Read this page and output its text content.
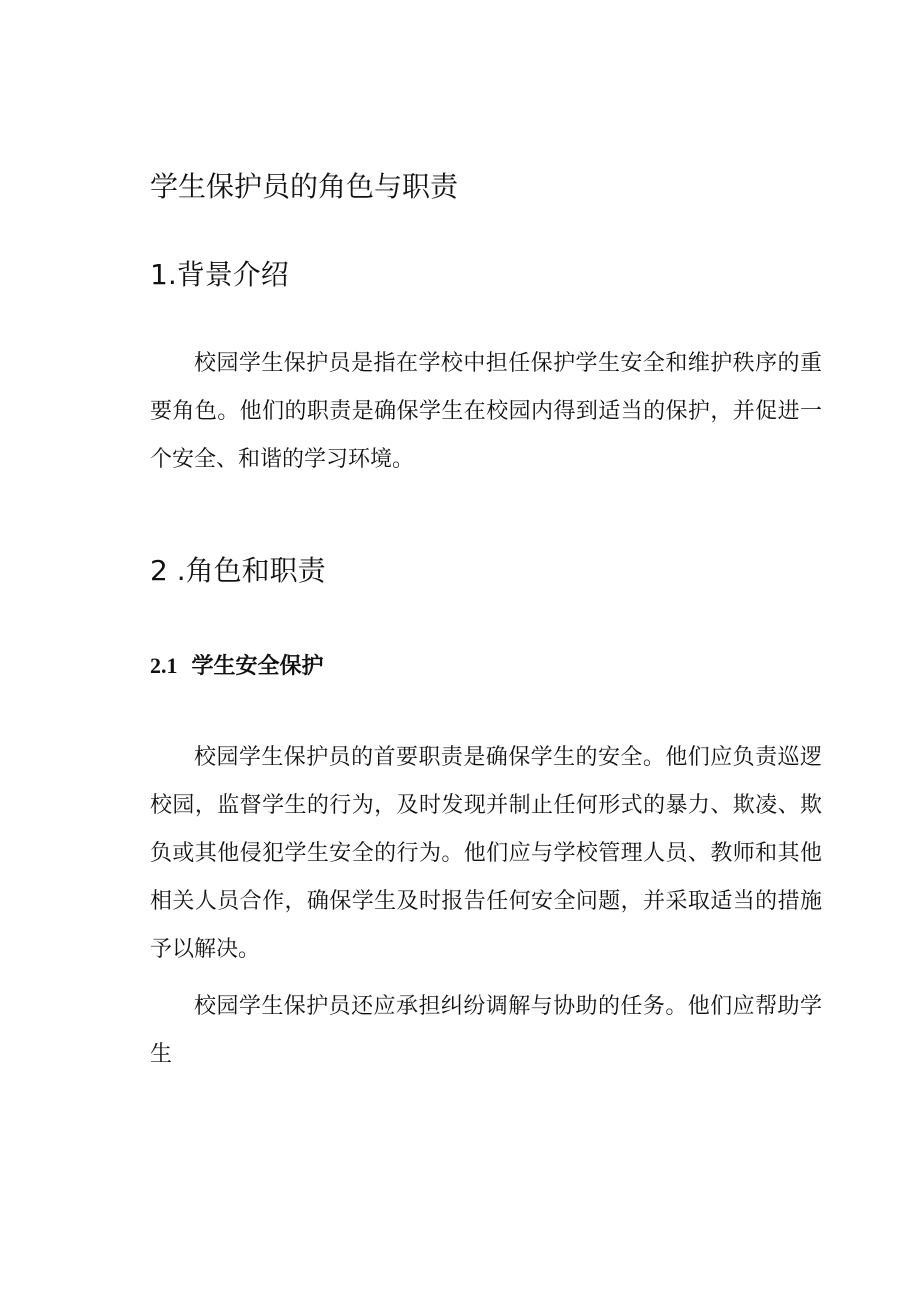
学生保护员的角色与职责
1.背景介绍

校园学生保护员是指在学校中担任保护学生安全和维护秩序的重要角色。他们的职责是确保学生在校园内得到适当的保护，并促进一个安全、和谐的学习环境。

2 .角色和职责
2.1 学生安全保护

校园学生保护员的首要职责是确保学生的安全。他们应负责巡逻校园，监督学生的行为，及时发现并制止任何形式的暴力、欺凌、欺负或其他侵犯学生安全的行为。他们应与学校管理人员、教师和其他相关人员合作，确保学生及时报告任何安全问题，并采取适当的措施予以解决。

校园学生保护员还应承担纠纷调解与协助的任务。他们应帮助学生
